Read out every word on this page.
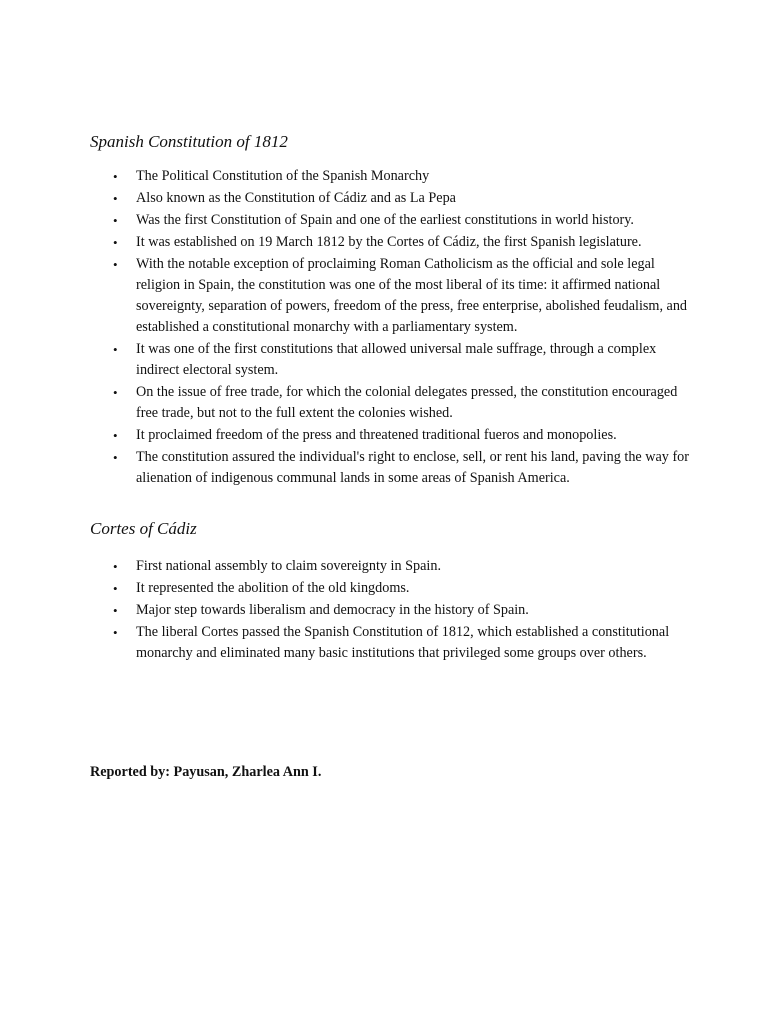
Spanish Constitution of 1812
• The Political Constitution of the Spanish Monarchy
• Also known as the Constitution of Cádiz and as La Pepa
• Was the first Constitution of Spain and one of the earliest constitutions in world history.
• It was established on 19 March 1812 by the Cortes of Cádiz, the first Spanish legislature.
• With the notable exception of proclaiming Roman Catholicism as the official and sole legal religion in Spain, the constitution was one of the most liberal of its time: it affirmed national sovereignty, separation of powers, freedom of the press, free enterprise, abolished feudalism, and established a constitutional monarchy with a parliamentary system.
• It was one of the first constitutions that allowed universal male suffrage, through a complex indirect electoral system.
• On the issue of free trade, for which the colonial delegates pressed, the constitution encouraged free trade, but not to the full extent the colonies wished.
• It proclaimed freedom of the press and threatened traditional fueros and monopolies.
• The constitution assured the individual's right to enclose, sell, or rent his land, paving the way for alienation of indigenous communal lands in some areas of Spanish America.
Cortes of Cádiz
• First national assembly to claim sovereignty in Spain.
• It represented the abolition of the old kingdoms.
• Major step towards liberalism and democracy in the history of Spain.
• The liberal Cortes passed the Spanish Constitution of 1812, which established a constitutional monarchy and eliminated many basic institutions that privileged some groups over others.

Reported by: Payusan, Zharlea Ann I.
